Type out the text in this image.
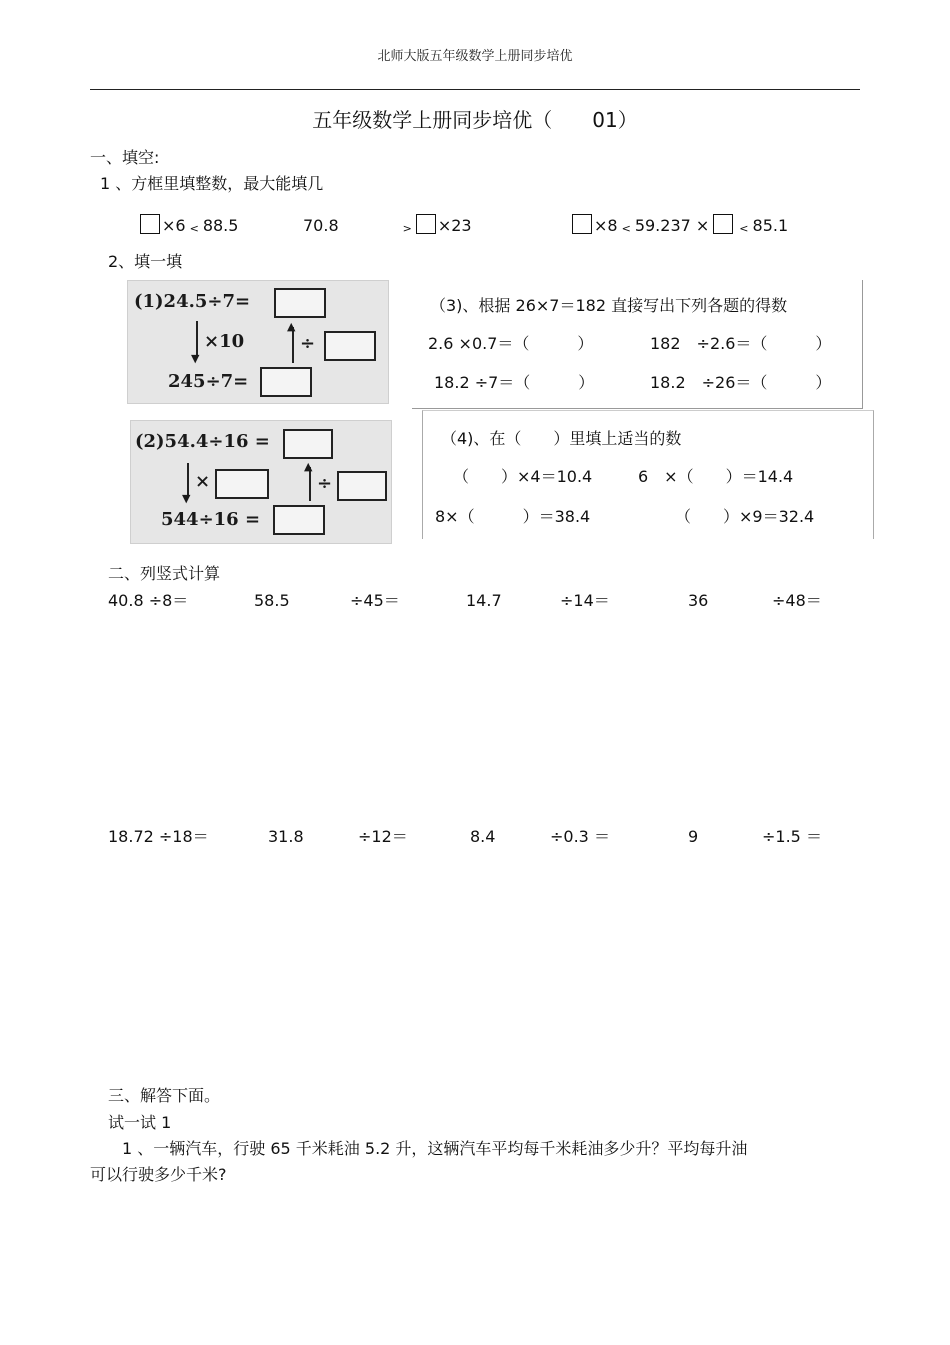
北师大版五年级数学上册同步培优
五年级数学上册同步培优（　　01）
一、填空:
1 、方框里填整数，最大能填几
×6 < 88.5	70.8	> ×23	×8 < 59.237 ×	< 85.1
2、填一填
(1)24.5÷7=
▼
×10
▲
÷
245÷7=
(2)54.4÷16 =
▼
×
▲
÷
544÷16 =
（3)、根据 26×7＝182 直接写出下列各题的得数
2.6 ×0.7＝（　　　）	182　÷2.6＝（　　　）
18.2 ÷7＝（　　　）	18.2　÷26＝（　　　）
（4)、在（　　）里填上适当的数
（　　）×4＝10.4	6　×（　　）＝14.4
8×（　　　）＝38.4	（　　）×9＝32.4
二、列竖式计算
40.8 ÷8＝	58.5	÷45＝	14.7	÷14＝	36	÷48＝
18.72 ÷18＝	31.8	÷12＝	8.4	÷0.3 ＝	9	÷1.5 ＝
三、解答下面。
试一试 1
1 、一辆汽车，行驶 65 千米耗油 5.2 升，这辆汽车平均每千米耗油多少升？平均每升油
可以行驶多少千米?
